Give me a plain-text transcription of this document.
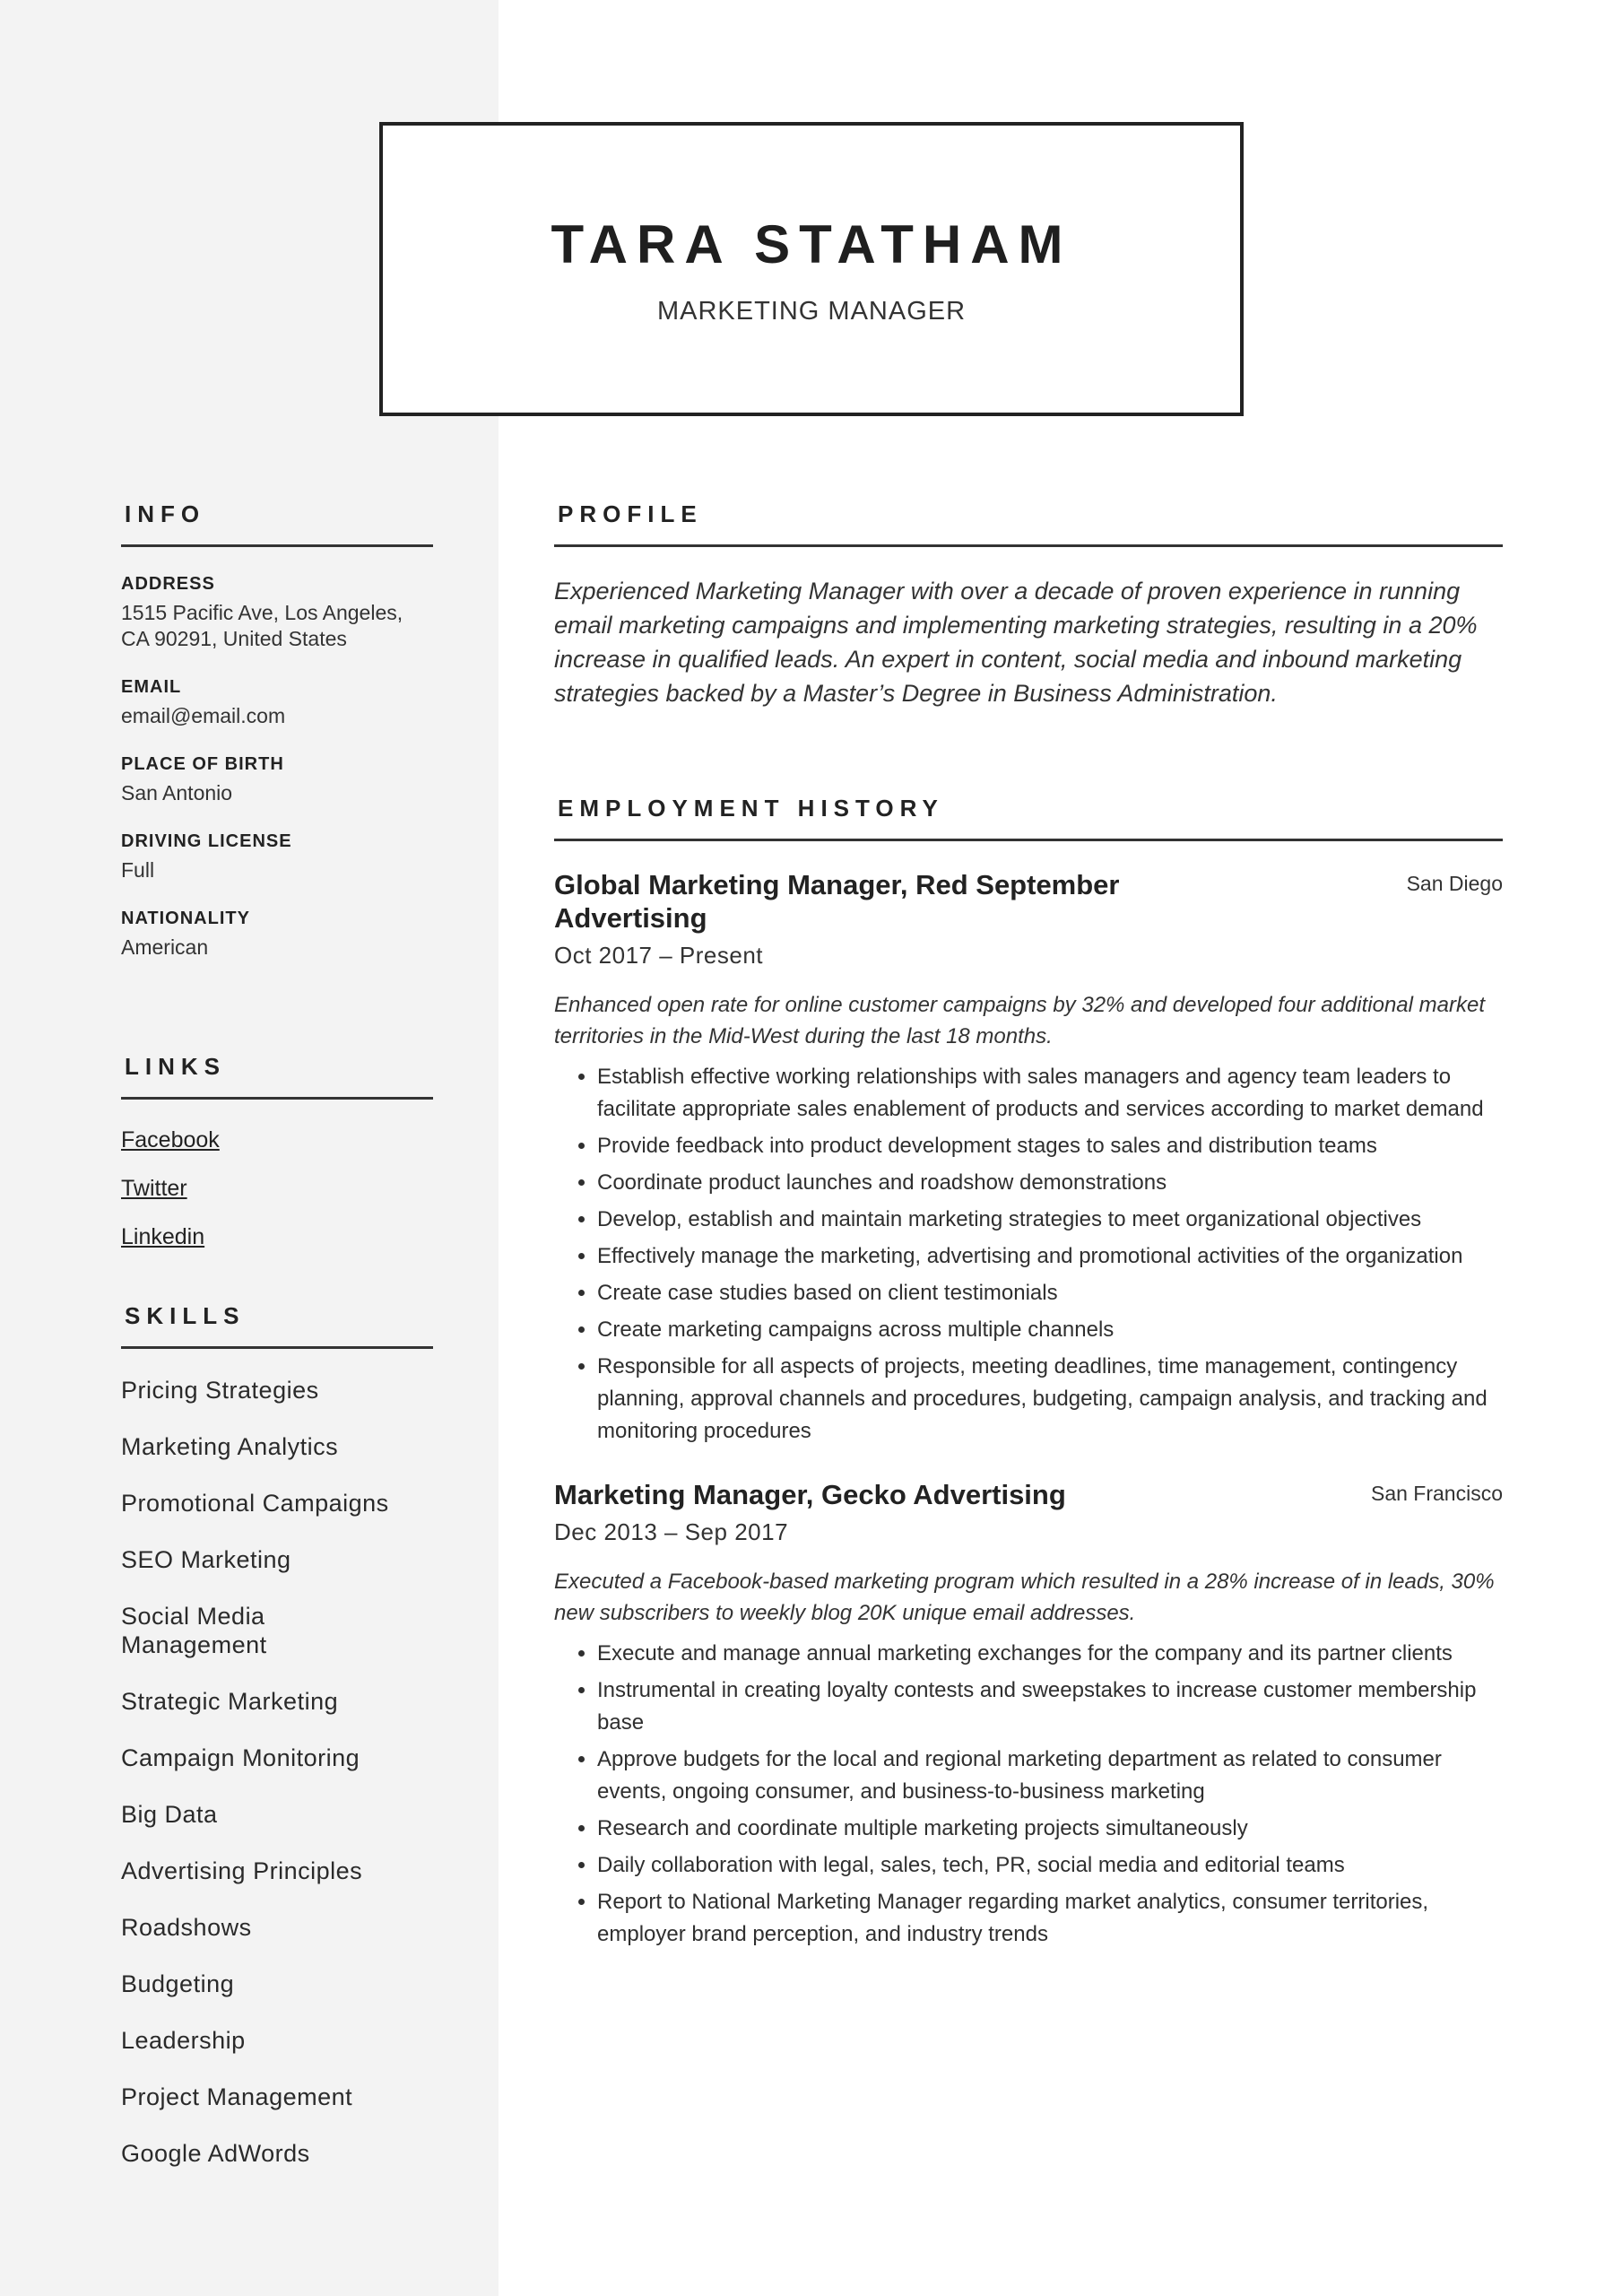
TARA STATHAM
MARKETING MANAGER
INFO
ADDRESS
1515 Pacific Ave, Los Angeles, CA 90291, United States
EMAIL
email@email.com
PLACE OF BIRTH
San Antonio
DRIVING LICENSE
Full
NATIONALITY
American
LINKS
Facebook
Twitter
Linkedin
SKILLS
Pricing Strategies
Marketing Analytics
Promotional Campaigns
SEO Marketing
Social Media Management
Strategic Marketing
Campaign Monitoring
Big Data
Advertising Principles
Roadshows
Budgeting
Leadership
Project Management
Google AdWords
PROFILE
Experienced Marketing Manager with over a decade of proven experience in running email marketing campaigns and implementing marketing strategies, resulting in a 20% increase in qualified leads. An expert in content, social media and inbound marketing strategies backed by a Master’s Degree in Business Administration.
EMPLOYMENT HISTORY
Global Marketing Manager, Red September Advertising
San Diego
Oct 2017 – Present
Enhanced open rate for online customer campaigns by 32% and developed four additional market territories in the Mid-West during the last 18 months.
• Establish effective working relationships with sales managers and agency team leaders to facilitate appropriate sales enablement of products and services according to market demand
• Provide feedback into product development stages to sales and distribution teams
• Coordinate product launches and roadshow demonstrations
• Develop, establish and maintain marketing strategies to meet organizational objectives
• Effectively manage the marketing, advertising and promotional activities of the organization
• Create case studies based on client testimonials
• Create marketing campaigns across multiple channels
• Responsible for all aspects of projects, meeting deadlines, time management, contingency planning, approval channels and procedures, budgeting, campaign analysis, and tracking and monitoring procedures
Marketing Manager, Gecko Advertising	San Francisco
Dec 2013 – Sep 2017
Executed a Facebook-based marketing program which resulted in a 28% increase of in leads, 30% new subscribers to weekly blog 20K unique email addresses.
• Execute and manage annual marketing exchanges for the company and its partner clients
• Instrumental in creating loyalty contests and sweepstakes to increase customer membership base
• Approve budgets for the local and regional marketing department as related to consumer events, ongoing consumer, and business-to-business marketing
• Research and coordinate multiple marketing projects simultaneously
• Daily collaboration with legal, sales, tech, PR, social media and editorial teams
• Report to National Marketing Manager regarding market analytics, consumer territories, employer brand perception, and industry trends
